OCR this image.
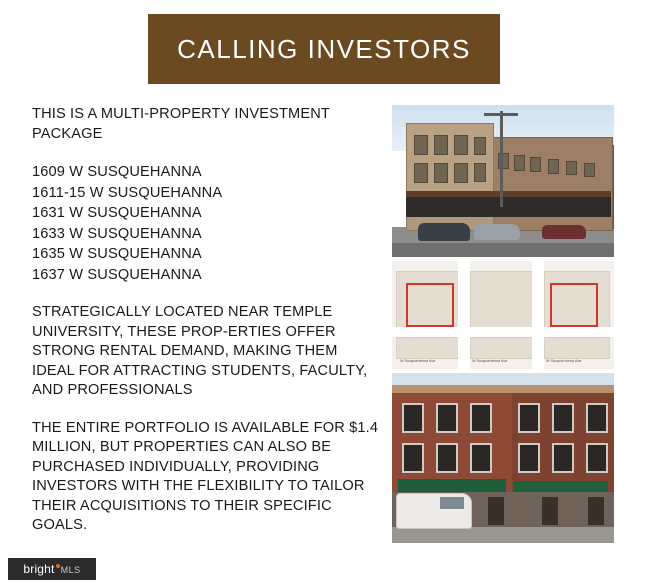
CALLING INVESTORS

THIS IS A MULTI-PROPERTY INVESTMENT PACKAGE

1609 W SUSQUEHANNA
1611-15 W SUSQUEHANNA
1631 W SUSQUEHANNA
1633 W SUSQUEHANNA
1635 W SUSQUEHANNA
1637 W SUSQUEHANNA

STRATEGICALLY LOCATED NEAR TEMPLE UNIVERSITY, THESE PROP-ERTIES OFFER STRONG RENTAL DEMAND, MAKING THEM IDEAL FOR ATTRACTING STUDENTS, FACULTY, AND PROFESSIONALS

THE ENTIRE PORTFOLIO IS AVAILABLE FOR $1.4 MILLION, BUT PROPERTIES CAN ALSO BE PURCHASED INDIVIDUALLY, PROVIDING INVESTORS WITH THE FLEXIBILITY TO TAILOR THEIR ACQUISITIONS TO THEIR SPECIFIC GOALS.

W Susquehanna Ave	W Susquehanna Ave	W Susquehanna Ave
bright MLS
